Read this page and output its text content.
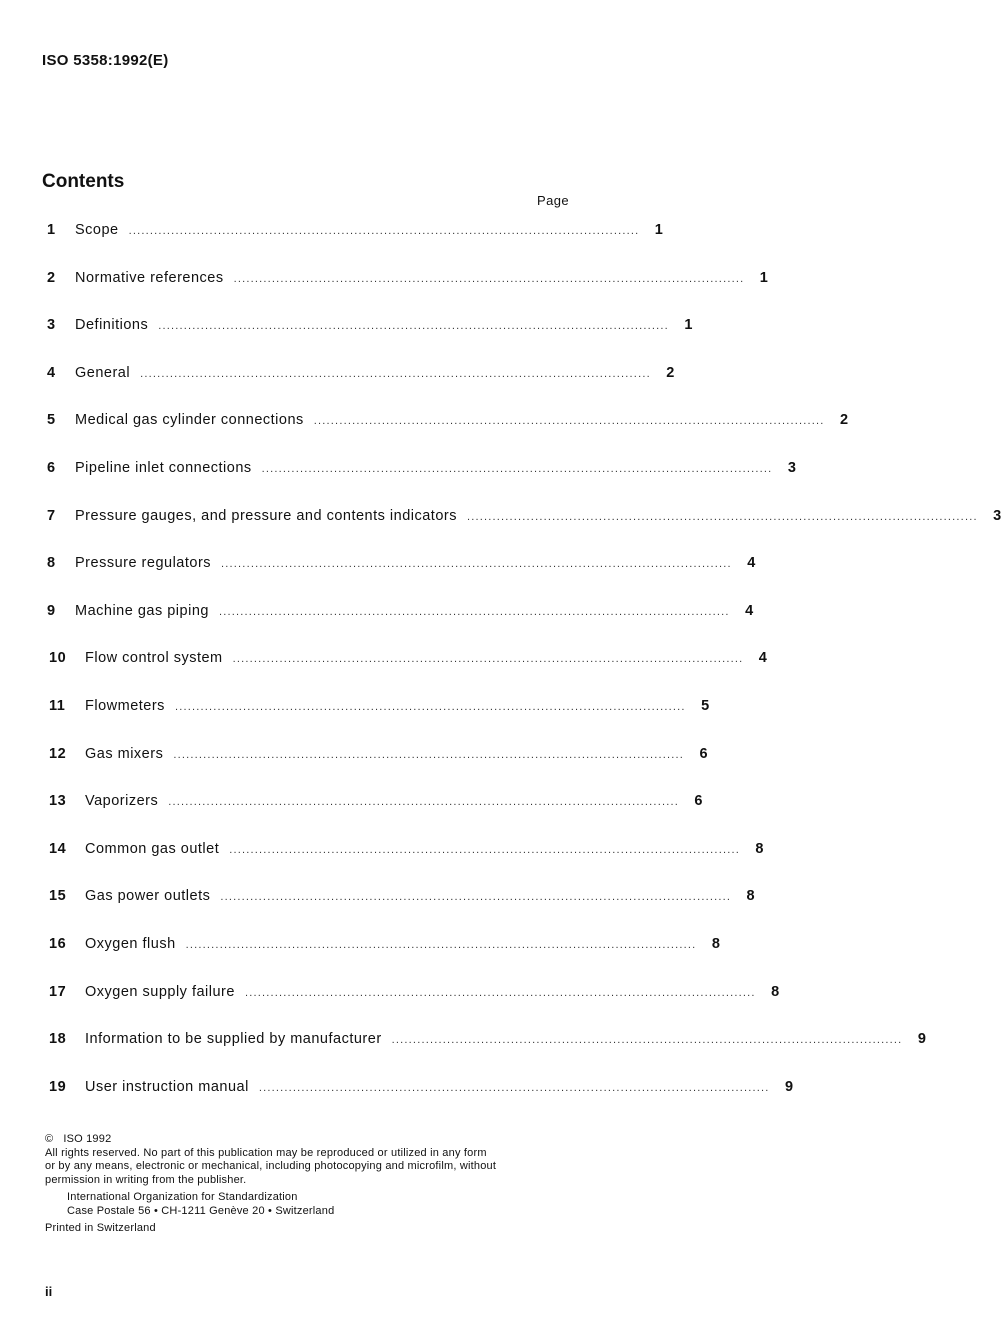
ISO 5358:1992(E)
Contents
Page
1	Scope ........................................................................................................................	1
2	Normative references ........................................................................................................................	1
3	Definitions ........................................................................................................................	1
4	General ........................................................................................................................	2
5	Medical gas cylinder connections ........................................................................................................................	2
6	Pipeline inlet connections ........................................................................................................................	3
7	Pressure gauges, and pressure and contents indicators ........................................................................................................................	3
8	Pressure regulators ........................................................................................................................	4
9	Machine gas piping ........................................................................................................................	4
10	Flow control system ........................................................................................................................	4
11	Flowmeters ........................................................................................................................	5
12	Gas mixers ........................................................................................................................	6
13	Vaporizers ........................................................................................................................	6
14	Common gas outlet ........................................................................................................................	8
15	Gas power outlets ........................................................................................................................	8
16	Oxygen flush ........................................................................................................................	8
17	Oxygen supply failure ........................................................................................................................	8
18	Information to be supplied by manufacturer ........................................................................................................................	9
19	User instruction manual ........................................................................................................................	9
© ISO 1992
All rights reserved. No part of this publication may be reproduced or utilized in any form
or by any means, electronic or mechanical, including photocopying and microfilm, without
permission in writing from the publisher.
International Organization for Standardization
Case Postale 56 • CH-1211 Genève 20 • Switzerland
Printed in Switzerland
ii
